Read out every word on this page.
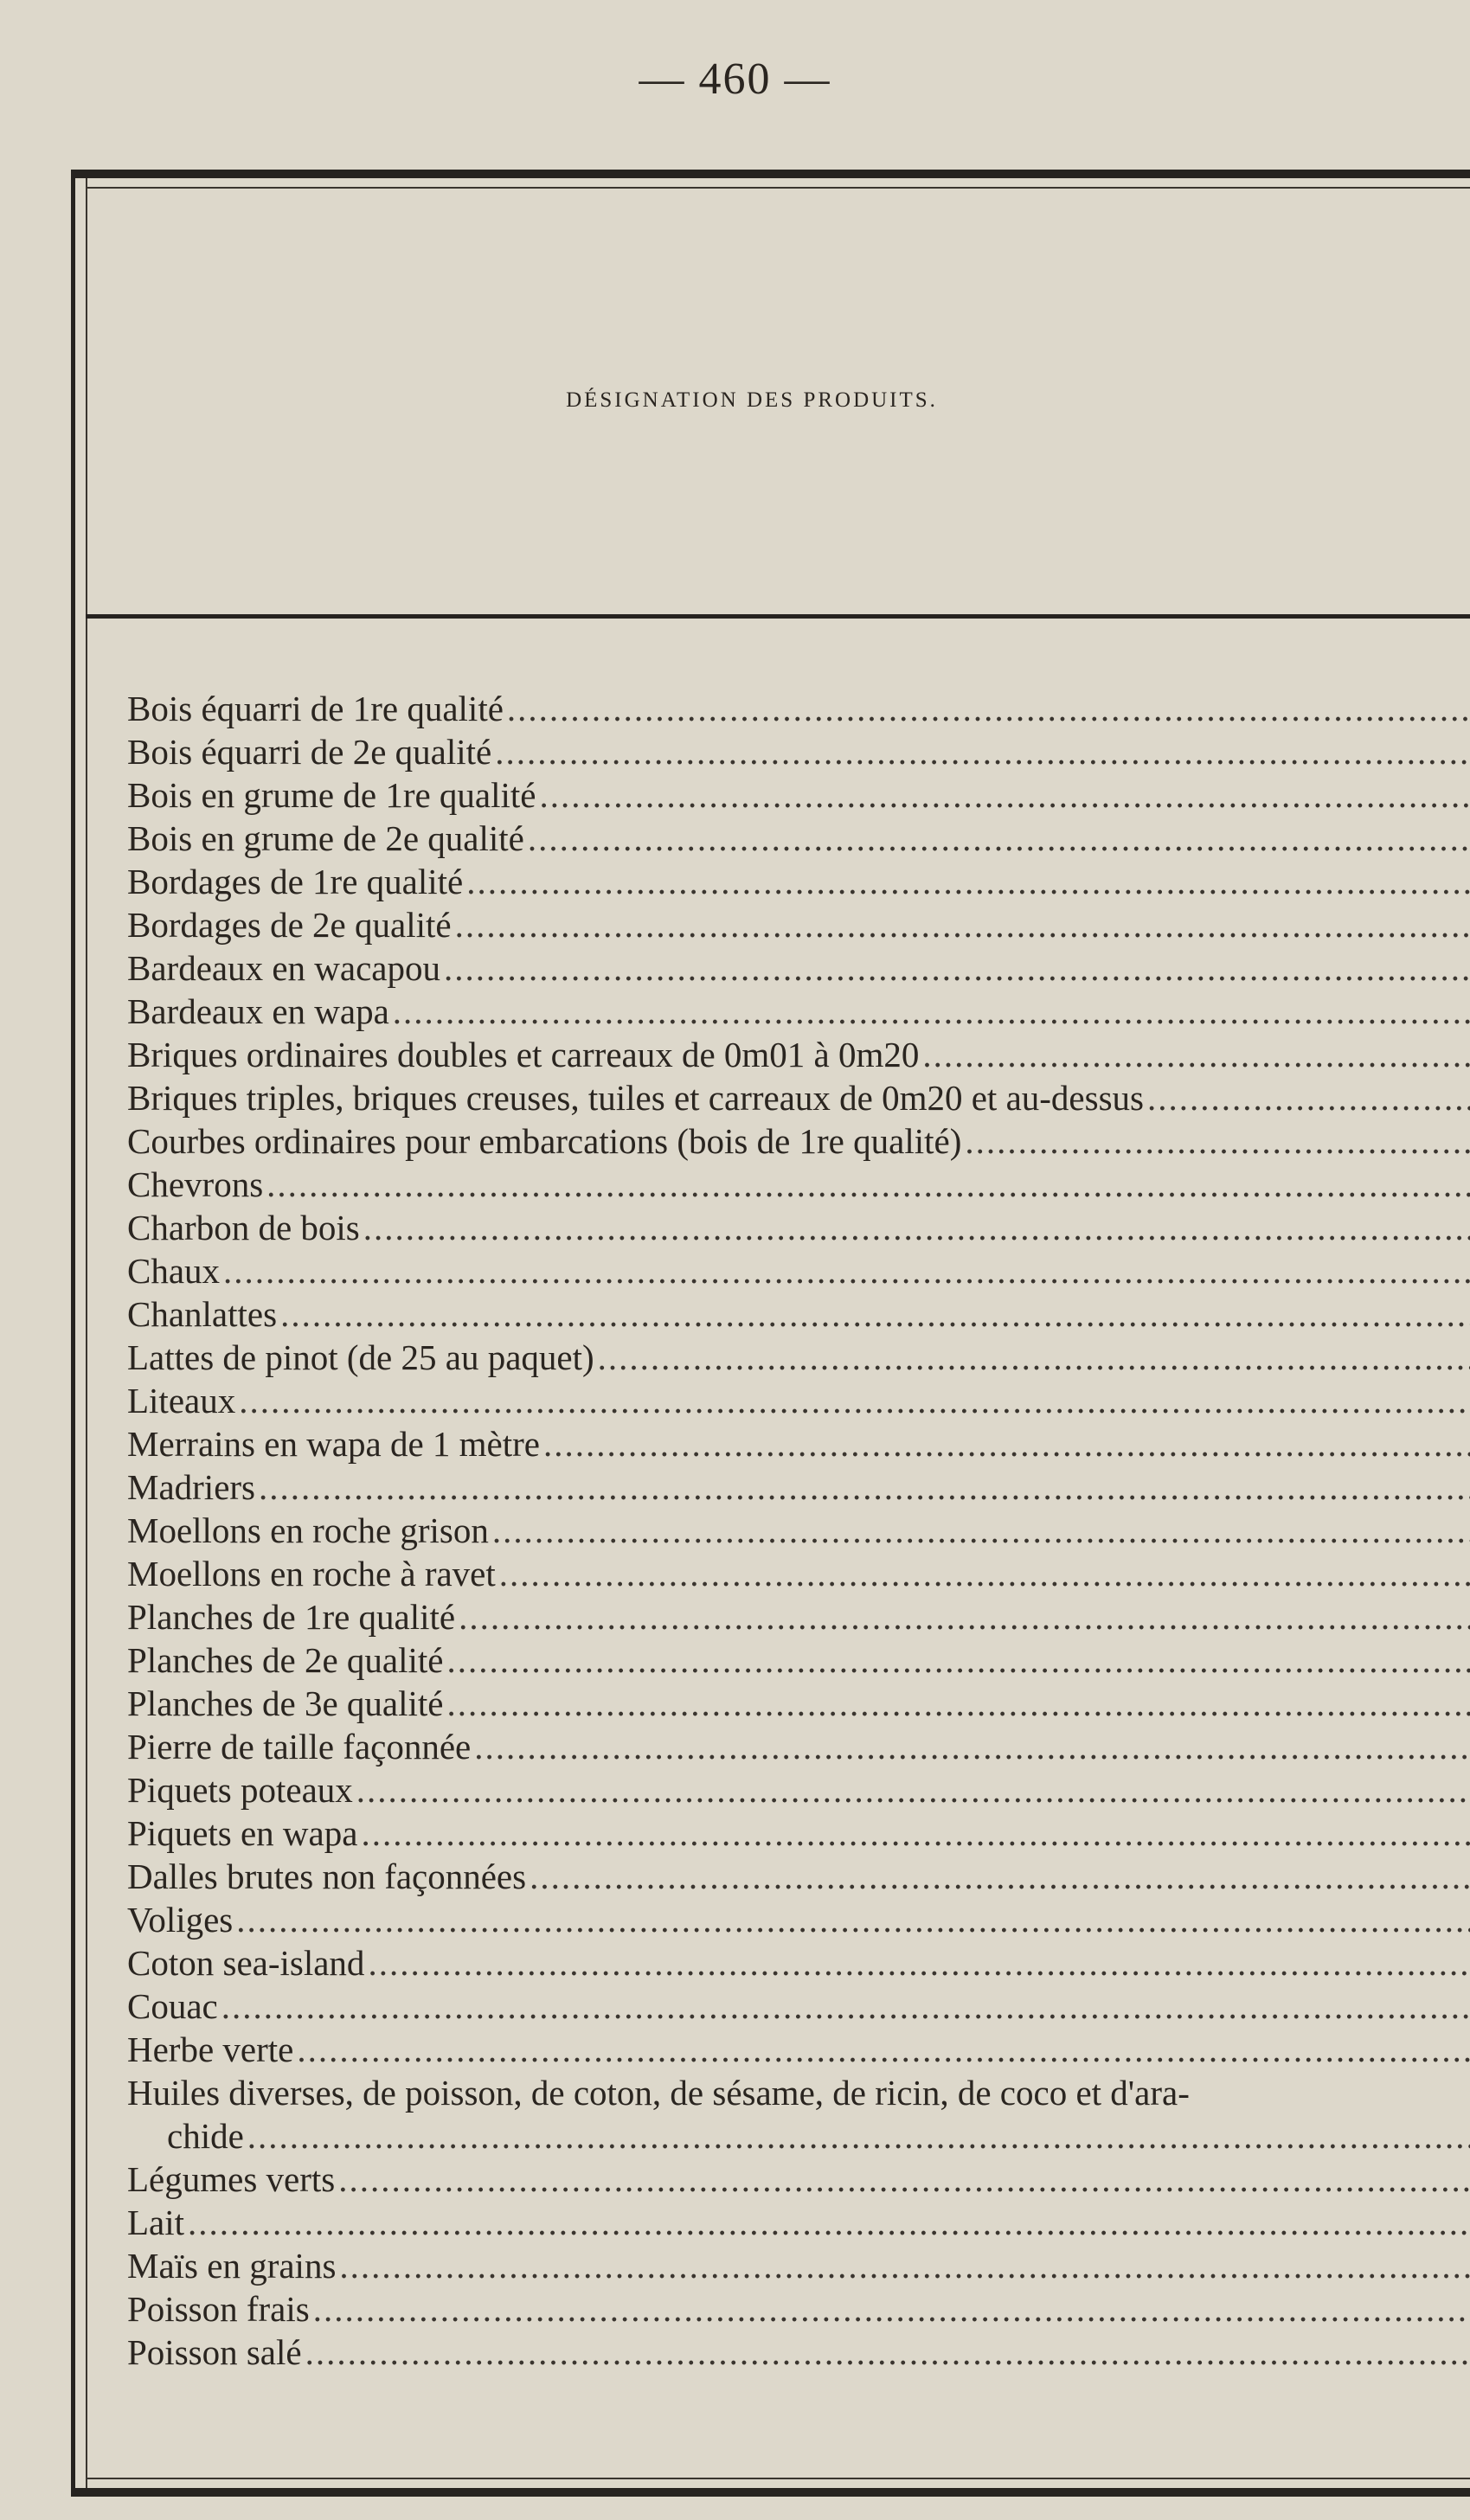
— 460 —
DÉSIGNATION DES PRODUITS.
Bois équarri de 1re qualité
.....
Bois équarri de 2e qualité
.....
Bois en grume de 1re qualité
.....
Bois en grume de 2e qualité
.....
Bordages de 1re qualité
.....
Bordages de 2e qualité
.....
Bardeaux en wacapou
.....
Bardeaux en wapa
.....
Briques ordinaires doubles et carreaux de 0m01 à 0m20
.....
Briques triples, briques creuses, tuiles et carreaux de 0m20 et au-dessus
.....
Courbes ordinaires pour embarcations (bois de 1re qualité)
.....
Chevrons
.....
Charbon de bois
.....
Chaux
.....
Chanlattes
.....
Lattes de pinot (de 25 au paquet)
.....
Liteaux
.....
Merrains en wapa de 1 mètre
.....
Madriers
.....
Moellons en roche grison
.....
Moellons en roche à ravet
.....
Planches de 1re qualité
.....
Planches de 2e qualité
.....
Planches de 3e qualité
.....
Pierre de taille façonnée
.....
Piquets poteaux
.....
Piquets en wapa
.....
Dalles brutes non façonnées
.....
Voliges
.....
Coton sea-island
.....
Couac
.....
Herbe verte
.....
Huiles diverses, de poisson, de coton, de sésame, de ricin, de coco et d'ara-
chide
.....
Légumes verts
.....
Lait
.....
Maïs en grains
.....
Poisson frais
.....
Poisson salé
.....
